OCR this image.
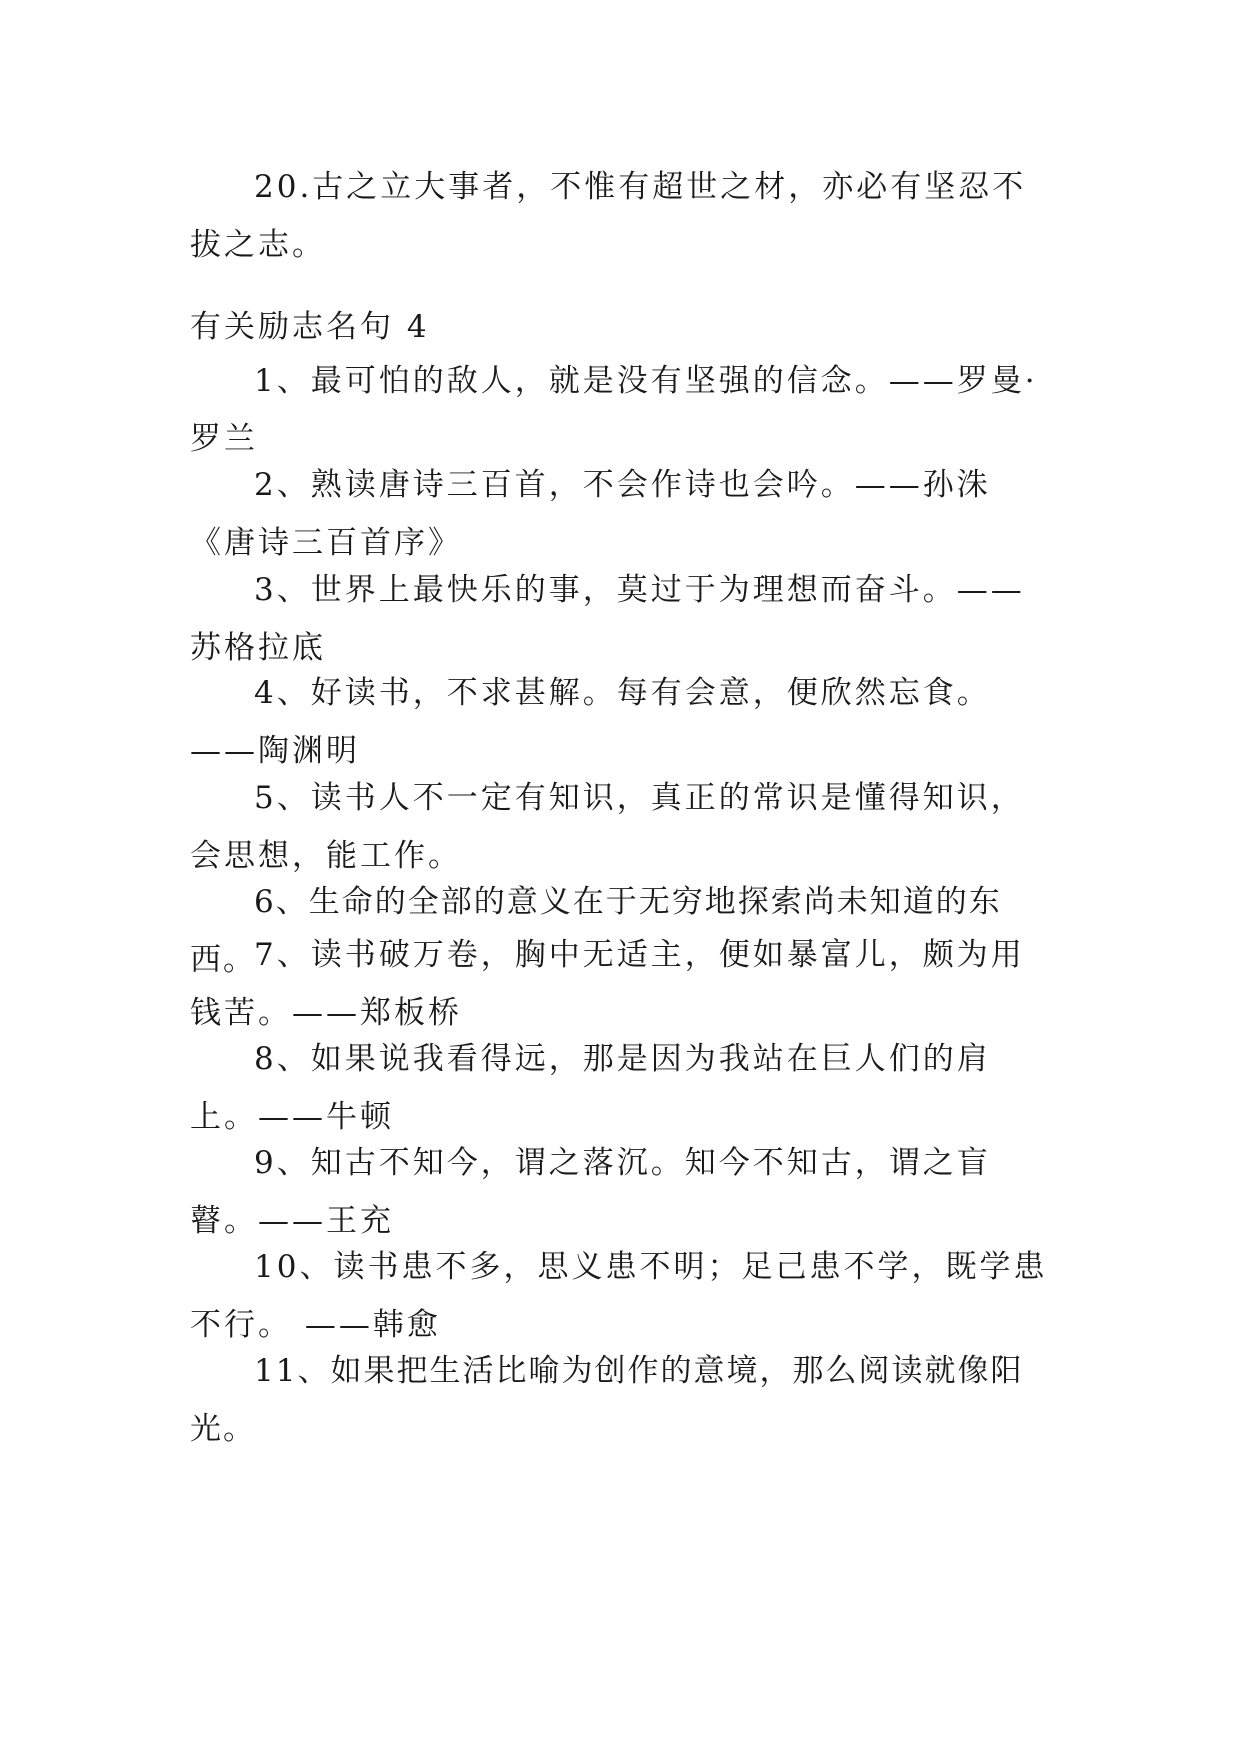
20.古之立大事者，不惟有超世之材，亦必有坚忍不拔之志。

有关励志名句 4

1、最可怕的敌人，就是没有坚强的信念。——罗曼·罗兰

2、熟读唐诗三百首，不会作诗也会吟。——孙洙《唐诗三百首序》

3、世界上最快乐的事，莫过于为理想而奋斗。——苏格拉底

4、好读书，不求甚解。每有会意，便欣然忘食。——陶渊明

5、读书人不一定有知识，真正的常识是懂得知识，会思想，能工作。

6、生命的全部的意义在于无穷地探索尚未知道的东西。

7、读书破万卷，胸中无适主，便如暴富儿，颇为用钱苦。——郑板桥

8、如果说我看得远，那是因为我站在巨人们的肩上。——牛顿

9、知古不知今，谓之落沉。知今不知古，谓之盲瞽。——王充

10、读书患不多，思义患不明；足己患不学，既学患不行。 ——韩愈

11、如果把生活比喻为创作的意境，那么阅读就像阳光。
